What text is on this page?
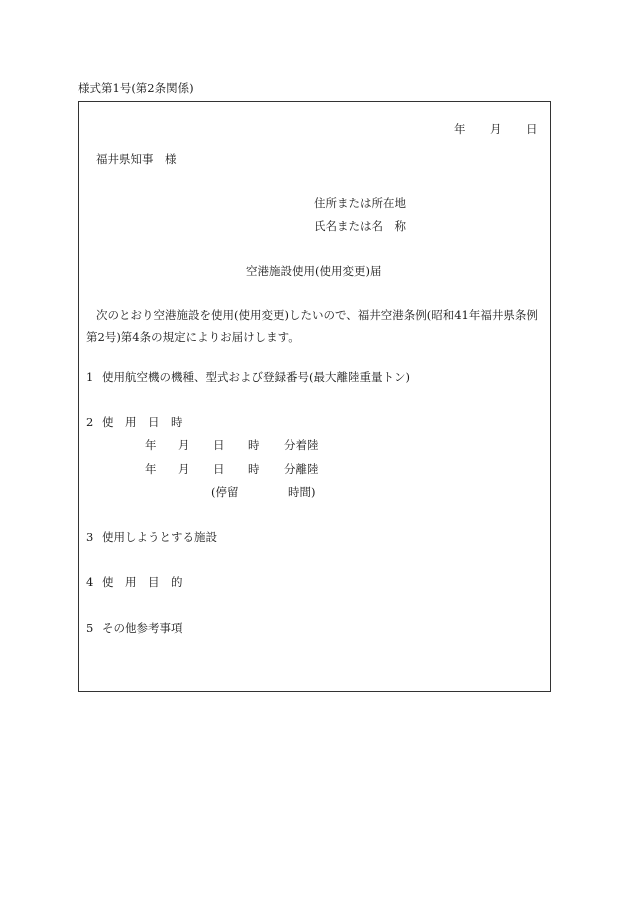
様式第1号(第2条関係)
年 月 日
福井県知事　様
住所または所在地
氏名または名　称
空港施設使用(使用変更)届

次のとおり空港施設を使用(使用変更)したいので、福井空港条例(昭和41年福井県条例

第2号)第4条の規定によりお届けします。

1 使用航空機の機種、型式および登録番号(最大離陸重量トン)
2 使　用　日　時
年 月 日 時 分着陸
年 月 日 時 分離陸
(停留	時間)
3 使用しようとする施設
4 使　用　目　的
5 その他参考事項
